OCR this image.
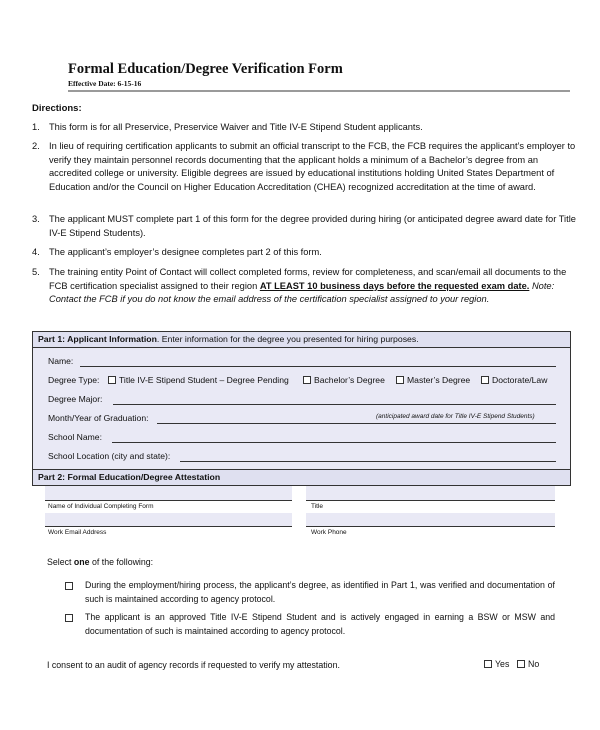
Formal Education/Degree Verification Form
Effective Date: 6-15-16
Directions:
1. This form is for all Preservice, Preservice Waiver and Title IV-E Stipend Student applicants.
2. In lieu of requiring certification applicants to submit an official transcript to the FCB, the FCB requires the applicant’s employer to verify they maintain personnel records documenting that the applicant holds a minimum of a Bachelor’s degree from an accredited college or university. Eligible degrees are issued by educational institutions holding United States Department of Education and/or the Council on Higher Education Accreditation (CHEA) recognized accreditation at the time of award.
3. The applicant MUST complete part 1 of this form for the degree provided during hiring (or anticipated degree award date for Title IV-E Stipend Students).
4. The applicant’s employer’s designee completes part 2 of this form.
5. The training entity Point of Contact will collect completed forms, review for completeness, and scan/email all documents to the FCB certification specialist assigned to their region AT LEAST 10 business days before the requested exam date. Note: Contact the FCB if you do not know the email address of the certification specialist assigned to your region.
Part 1: Applicant Information. Enter information for the degree you presented for hiring purposes.
Name:
Degree Type:	Title IV-E Stipend Student – Degree Pending	Bachelor’s Degree	Master’s Degree	Doctorate/Law
Degree Major:
Month/Year of Graduation:	(anticipated award date for Title IV-E Stipend Students)
School Name:
School Location (city and state):
Part 2: Formal Education/Degree Attestation
Name of Individual Completing Form	Title
Work Email Address	Work Phone
Select one of the following:
During the employment/hiring process, the applicant’s degree, as identified in Part 1, was verified and documentation of such is maintained according to agency protocol.
The applicant is an approved Title IV-E Stipend Student and is actively engaged in earning a BSW or MSW and documentation of such is maintained according to agency protocol.
I consent to an audit of agency records if requested to verify my attestation.	Yes	No
